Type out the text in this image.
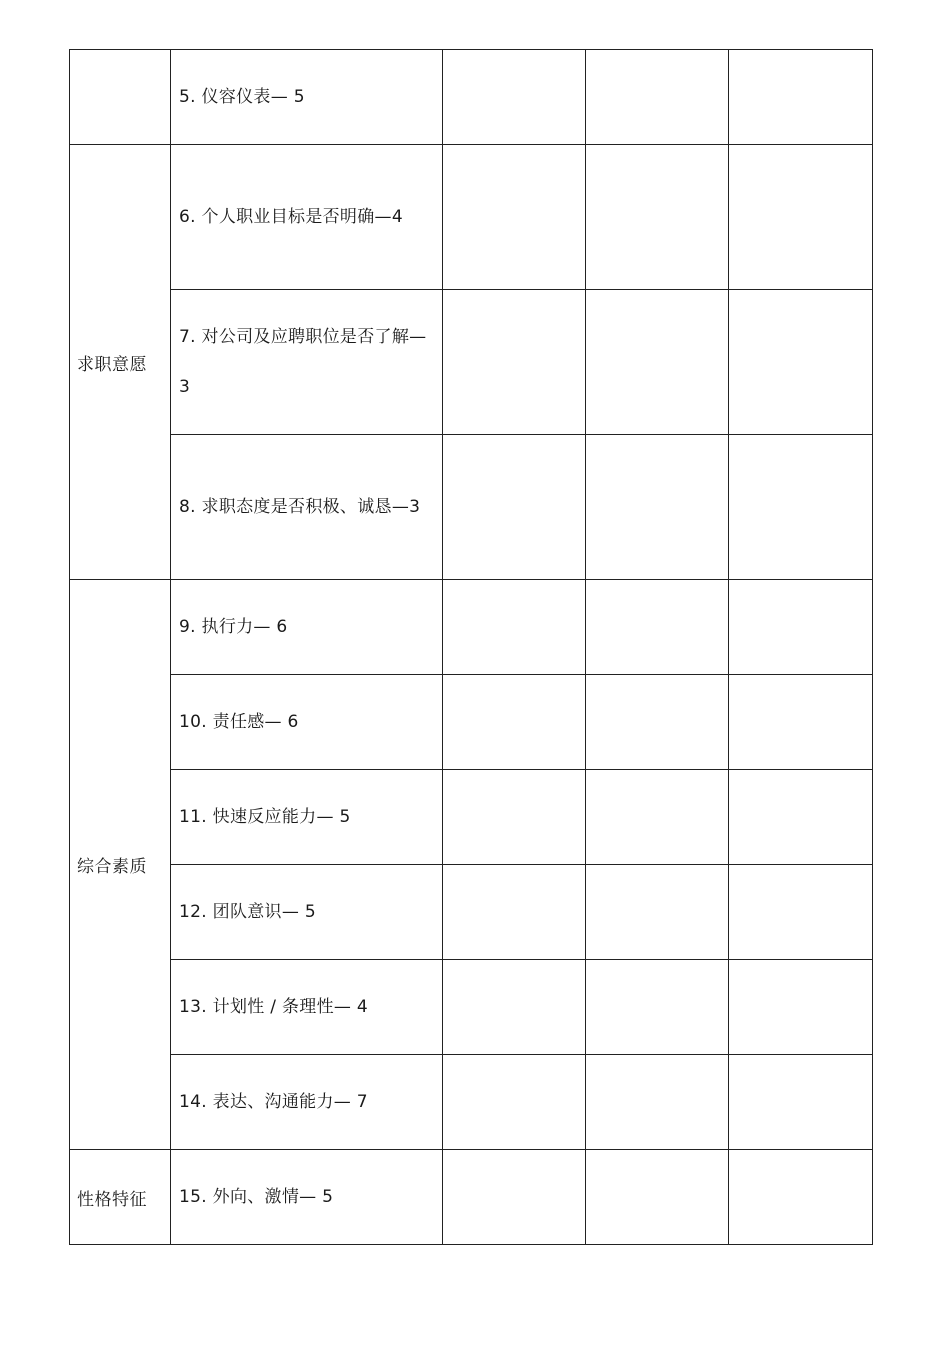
	5. 仪容仪表— 5			

求职意愿	6. 个人职业目标是否明确—4			

	7. 对公司及应聘职位是否了解— 3			

	8. 求职态度是否积极、诚恳—3			

综合素质	9. 执行力— 6			

	10. 责任感— 6			

	11. 快速反应能力— 5			

	12. 团队意识— 5			

	13. 计划性 / 条理性— 4			

	14. 表达、沟通能力— 7			

性格特征	15. 外向、激情— 5			
